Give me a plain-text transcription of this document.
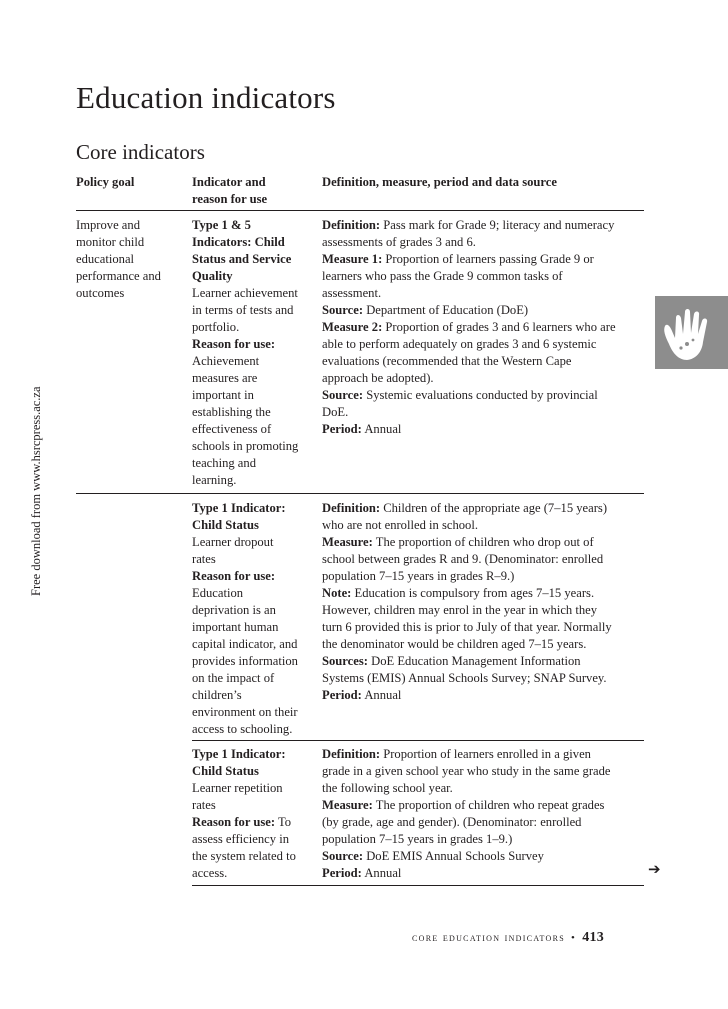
Free download from www.hsrcpress.ac.za
Education indicators
Core indicators
Policy goal	Indicator and
reason for use
Definition, measure, period and data source
Improve and
monitor child
educational
performance and
outcomes
Type 1 & 5
Indicators: Child
Status and Service
Quality
Learner achievement
in terms of tests and
portfolio.
Reason for use:
Achievement
measures are
important in
establishing the
effectiveness of
schools in promoting
teaching and
learning.
Definition: Pass mark for Grade 9; literacy and numeracy
assessments of grades 3 and 6.
Measure 1: Proportion of learners passing Grade 9 or
learners who pass the Grade 9 common tasks of
assessment.
Source: Department of Education (DoE)
Measure 2: Proportion of grades 3 and 6 learners who are
able to perform adequately on grades 3 and 6 systemic
evaluations (recommended that the Western Cape
approach be adopted).
Source: Systemic evaluations conducted by provincial
DoE.
Period: Annual
Type 1 Indicator:
Child Status
Learner dropout
rates
Reason for use:
Education
deprivation is an
important human
capital indicator, and
provides information
on the impact of
children’s
environment on their
access to schooling.
Definition: Children of the appropriate age (7–15 years)
who are not enrolled in school.
Measure: The proportion of children who drop out of
school between grades R and 9. (Denominator: enrolled
population 7–15 years in grades R–9.)
Note: Education is compulsory from ages 7–15 years.
However, children may enrol in the year in which they
turn 6 provided this is prior to July of that year. Normally
the denominator would be children aged 7–15 years.
Sources: DoE Education Management Information
Systems (EMIS) Annual Schools Survey; SNAP Survey.
Period: Annual
Type 1 Indicator:
Child Status
Learner repetition
rates
Reason for use: To
assess efficiency in
the system related to
access.
Definition: Proportion of learners enrolled in a given
grade in a given school year who study in the same grade
the following school year.
Measure: The proportion of children who repeat grades
(by grade, age and gender). (Denominator: enrolled
population 7–15 years in grades 1–9.)
Source: DoE EMIS Annual Schools Survey
Period: Annual	➔
core education indicators • 413
